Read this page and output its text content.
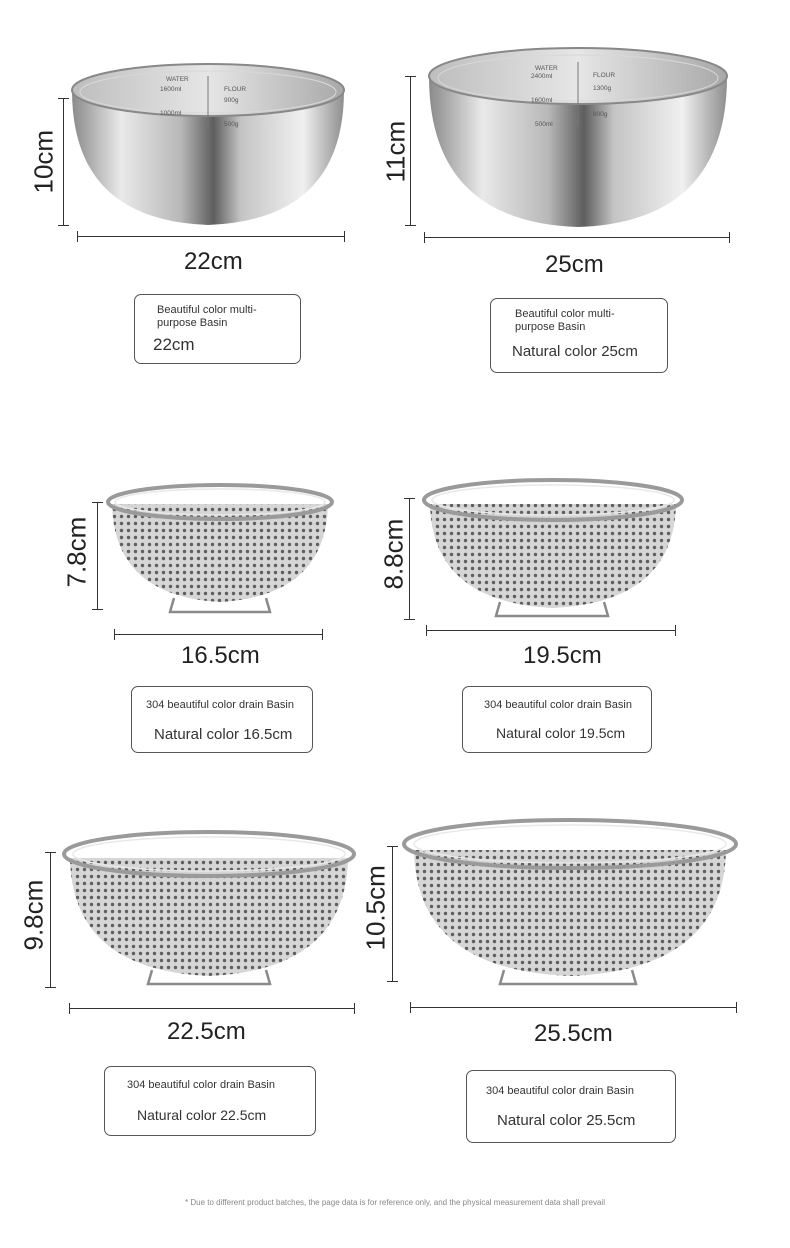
WATER
1600ml
1000ml
FLOUR
900g
500g
10cm
22cm
Beautiful color multi-purpose Basin
22cm
WATER
2400ml
1600ml
500ml
FLOUR
1300g
800g
11cm
25cm
Beautiful color multi-purpose Basin
Natural color 25cm
7.8cm
16.5cm
304 beautiful color drain Basin
Natural color 16.5cm
8.8cm
19.5cm
304 beautiful color drain Basin
Natural color 19.5cm
9.8cm
22.5cm
304 beautiful color drain Basin
Natural color 22.5cm
10.5cm
25.5cm
304 beautiful color drain Basin
Natural color 25.5cm
* Due to different product batches, the page data is for reference only, and the physical measurement data shall prevail
